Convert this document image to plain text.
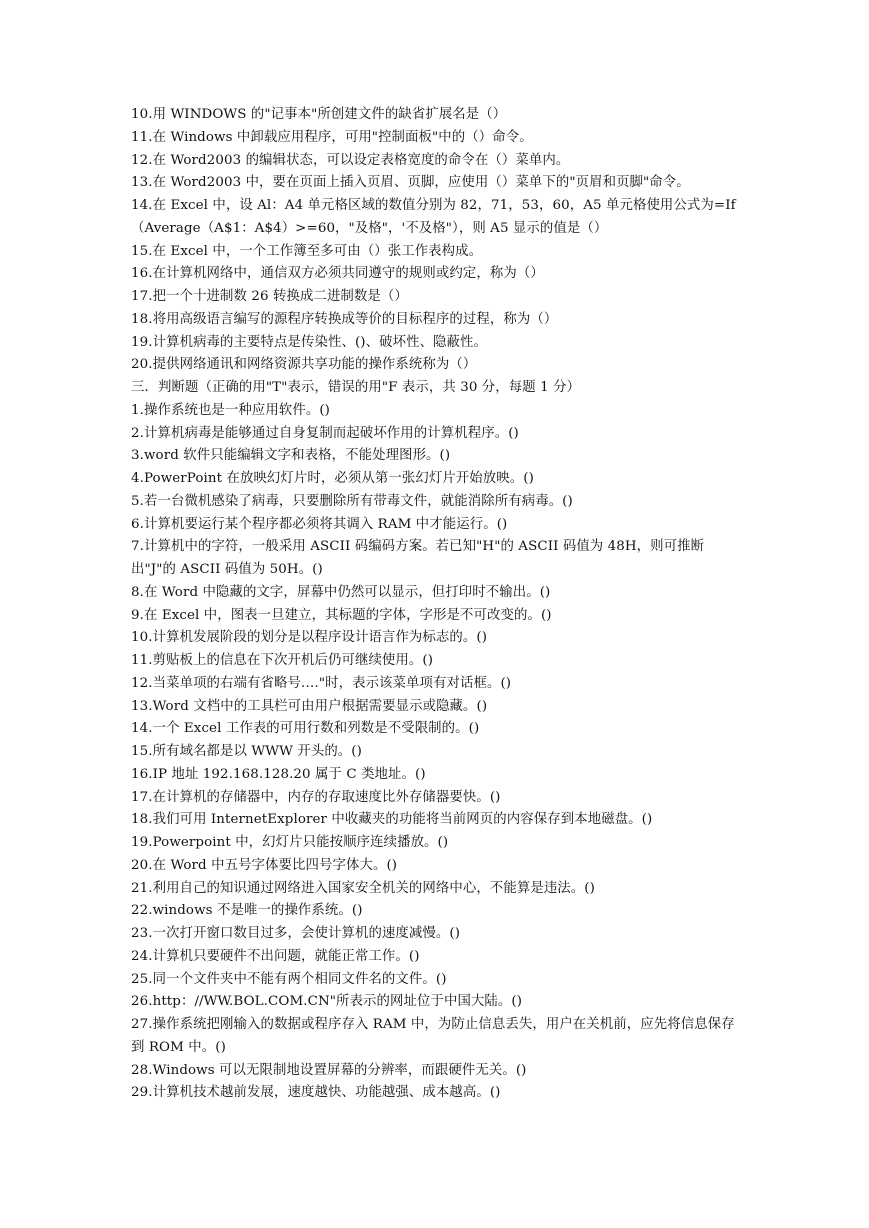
10.用 WINDOWS 的"记事本"所创建文件的缺省扩展名是（）

11.在 Windows 中卸载应用程序，可用"控制面板"中的（）命令。

12.在 Word2003 的编辑状态，可以设定表格宽度的命令在（）菜单内。

13.在 Word2003 中，要在页面上插入页眉、页脚，应使用（）菜单下的"页眉和页脚"命令。

14.在 Excel 中，设 Al：A4 单元格区域的数值分别为 82，71，53，60，A5 单元格使用公式为=If（Average（A$1：A$4）>=60，"及格"，'不及格"），则 A5 显示的值是（）

15.在 Excel 中，一个工作簿至多可由（）张工作表构成。

16.在计算机网络中，通信双方必须共同遵守的规则或约定，称为（）

17.把一个十进制数 26 转换成二进制数是（）

18.将用高级语言编写的源程序转换成等价的目标程序的过程，称为（）

19.计算机病毒的主要特点是传染性、()、破坏性、隐蔽性。

20.提供网络通讯和网络资源共享功能的操作系统称为（）

三．判断题（正确的用"T"表示，错误的用"F 表示，共 30 分，每题 1 分）

1.操作系统也是一种应用软件。()

2.计算机病毒是能够通过自身复制而起破坏作用的计算机程序。()

3.word 软件只能编辑文字和表格，不能处理图形。()

4.PowerPoint 在放映幻灯片时，必须从第一张幻灯片开始放映。()

5.若一台微机感染了病毒，只要删除所有带毒文件，就能消除所有病毒。()

6.计算机要运行某个程序都必须将其调入 RAM 中才能运行。()

7.计算机中的字符，一般采用 ASCII 码编码方案。若已知"H"的 ASCII 码值为 48H，则可推断出"J"的 ASCII 码值为 50H。()

8.在 Word 中隐藏的文字，屏幕中仍然可以显示，但打印时不输出。()

9.在 Excel 中，图表一旦建立，其标题的字体，字形是不可改变的。()

10.计算机发展阶段的划分是以程序设计语言作为标志的。()

11.剪贴板上的信息在下次开机后仍可继续使用。()

12.当菜单项的右端有省略号.…"时，表示该菜单项有对话框。()

13.Word 文档中的工具栏可由用户根据需要显示或隐藏。()

14.一个 Excel 工作表的可用行数和列数是不受限制的。()

15.所有域名都是以 WWW 开头的。()

16.IP 地址 192.168.128.20 属于 C 类地址。()

17.在计算机的存储器中，内存的存取速度比外存储器要快。()

18.我们可用 InternetExplorer 中收藏夹的功能将当前网页的内容保存到本地磁盘。()

19.Powerpoint 中，幻灯片只能按顺序连续播放。()

20.在 Word 中五号字体要比四号字体大。()

21.利用自己的知识通过网络进入国家安全机关的网络中心，不能算是违法。()

22.windows 不是唯一的操作系统。()

23.一次打开窗口数目过多，会使计算机的速度减慢。()

24.计算机只要硬件不出问题，就能正常工作。()

25.同一个文件夹中不能有两个相同文件名的文件。()

26.http：//WW.BOL.COM.CN"所表示的网址位于中国大陆。()

27.操作系统把刚输入的数据或程序存入 RAM 中，为防止信息丢失，用户在关机前，应先将信息保存到 ROM 中。()

28.Windows 可以无限制地设置屏幕的分辨率，而跟硬件无关。()

29.计算机技术越前发展，速度越快、功能越强、成本越高。()
